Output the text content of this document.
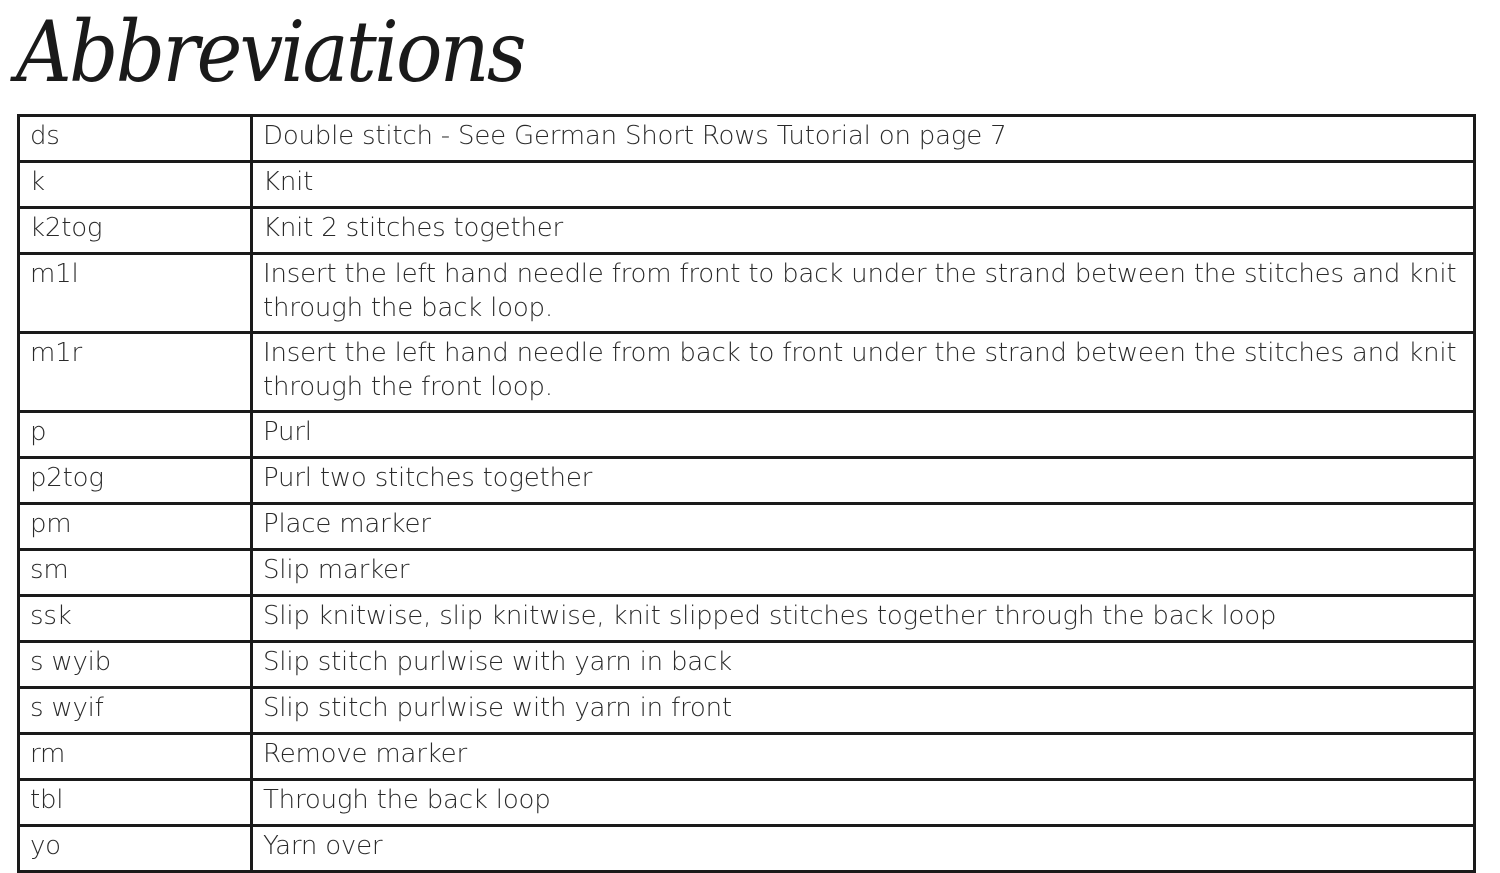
Abbreviations
ds	Double stitch - See German Short Rows Tutorial on page 7
k	Knit
k2tog	Knit 2 stitches together
m1l	Insert the left hand needle from front to back under the strand between the stitches and knit through the back loop.
m1r	Insert the left hand needle from back to front under the strand between the stitches and knit through the front loop.
p	Purl
p2tog	Purl two stitches together
pm	Place marker
sm	Slip marker
ssk	Slip knitwise, slip knitwise, knit slipped stitches together through the back loop
s wyib	Slip stitch purlwise with yarn in back
s wyif	Slip stitch purlwise with yarn in front
rm	Remove marker
tbl	Through the back loop
yo	Yarn over
